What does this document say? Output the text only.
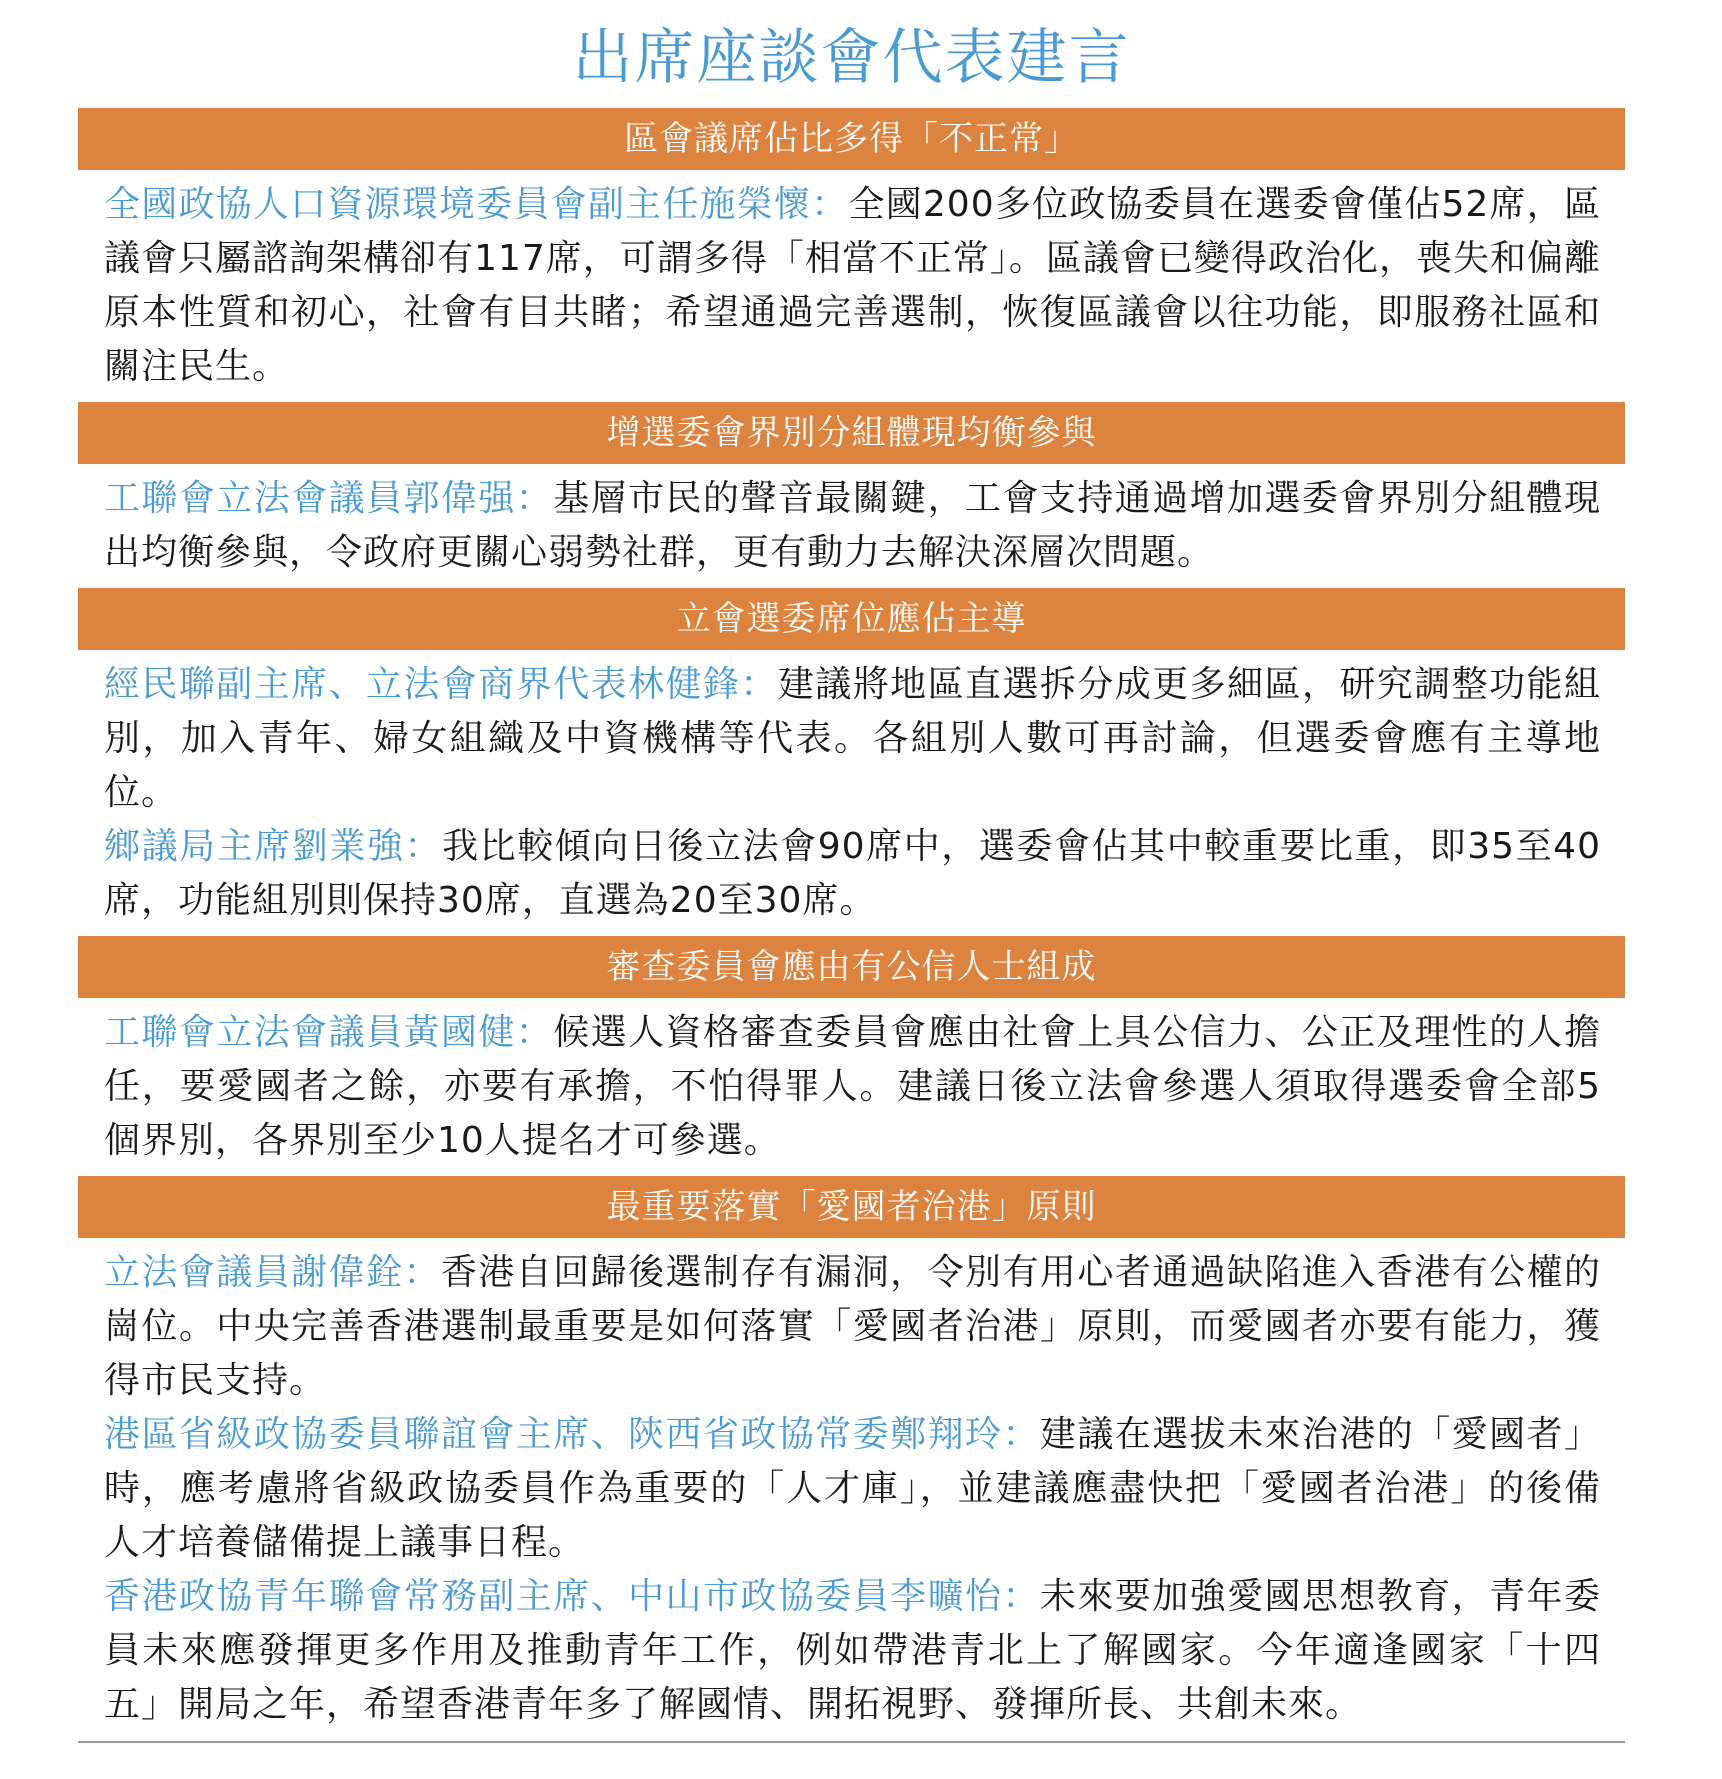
出席座談會代表建言
區會議席佔比多得「不正常」

全國政協人口資源環境委員會副主任施榮懷：全國200多位政協委員在選委會僅佔52席，區議會只屬諮詢架構卻有117席，可謂多得「相當不正常」。區議會已變得政治化，喪失和偏離原本性質和初心，社會有目共睹；希望通過完善選制，恢復區議會以往功能，即服務社區和關注民生。

增選委會界別分組體現均衡參與

工聯會立法會議員郭偉强：基層市民的聲音最關鍵，工會支持通過增加選委會界別分組體現出均衡參與，令政府更關心弱勢社群，更有動力去解決深層次問題。

立會選委席位應佔主導

經民聯副主席、立法會商界代表林健鋒：建議將地區直選拆分成更多細區，研究調整功能組別，加入青年、婦女組織及中資機構等代表。各組別人數可再討論，但選委會應有主導地位。

鄉議局主席劉業強：我比較傾向日後立法會90席中，選委會佔其中較重要比重，即35至40席，功能組別則保持30席，直選為20至30席。

審查委員會應由有公信人士組成

工聯會立法會議員黃國健：候選人資格審查委員會應由社會上具公信力、公正及理性的人擔任，要愛國者之餘，亦要有承擔，不怕得罪人。建議日後立法會參選人須取得選委會全部5個界別，各界別至少10人提名才可參選。

最重要落實「愛國者治港」原則

立法會議員謝偉銓：香港自回歸後選制存有漏洞，令別有用心者通過缺陷進入香港有公權的崗位。中央完善香港選制最重要是如何落實「愛國者治港」原則，而愛國者亦要有能力，獲得市民支持。

港區省級政協委員聯誼會主席、陝西省政協常委鄭翔玲：建議在選拔未來治港的「愛國者」時，應考慮將省級政協委員作為重要的「人才庫」，並建議應盡快把「愛國者治港」的後備人才培養儲備提上議事日程。

香港政協青年聯會常務副主席、中山市政協委員李曠怡：未來要加強愛國思想教育，青年委員未來應發揮更多作用及推動青年工作，例如帶港青北上了解國家。今年適逢國家「十四五」開局之年，希望香港青年多了解國情、開拓視野、發揮所長、共創未來。
